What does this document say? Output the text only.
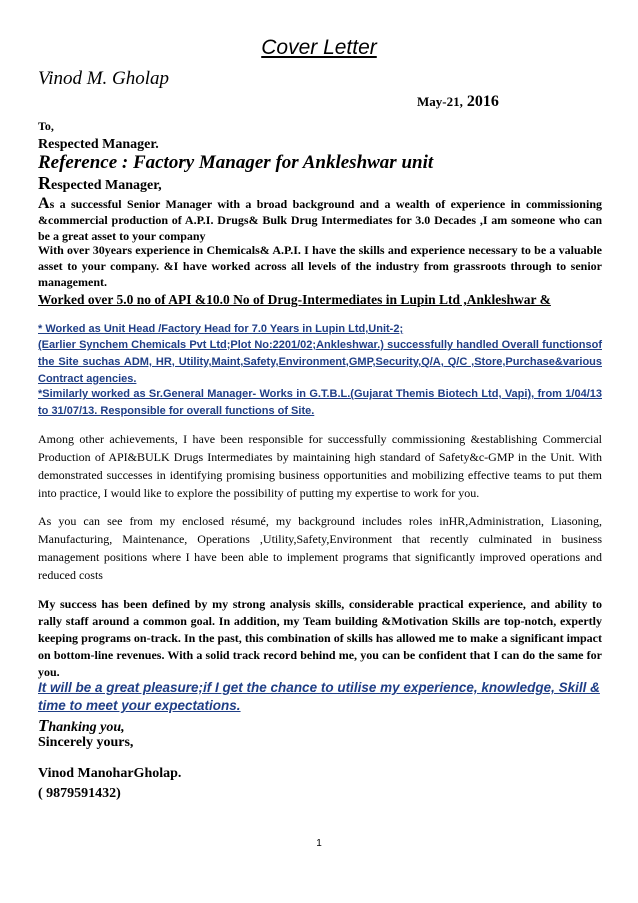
Cover Letter
Vinod M. Gholap
May-21, 2016
To,
Respected Manager.
Reference : Factory Manager for Ankleshwar unit
Respected Manager,
As a successful Senior Manager with a broad background and a wealth of experience in commissioning &commercial production of A.P.I. Drugs& Bulk Drug Intermediates for 3.0 Decades ,I am someone who can be a great asset to your company
With over 30years experience in Chemicals& A.P.I. I have the skills and experience necessary to be a valuable asset to your company. &I have worked across all levels of the industry from grassroots through to senior management.
Worked over 5.0 no of API &10.0 No of Drug-Intermediates in Lupin Ltd ,Ankleshwar &
* Worked as Unit Head /Factory Head for 7.0 Years in Lupin Ltd,Unit-2;
(Earlier Synchem Chemicals Pvt Ltd;Plot No:2201/02;Ankleshwar.) successfully handled Overall functionsof the Site suchas ADM, HR, Utility,Maint,Safety,Environment,GMP,Security,Q/A, Q/C ,Store,Purchase&various Contract agencies.
*Similarly worked as Sr.General Manager- Works in G.T.B.L.(Gujarat Themis Biotech Ltd, Vapi), from 1/04/13 to 31/07/13. Responsible for overall functions of Site.
Among other achievements, I have been responsible for successfully commissioning &establishing Commercial Production of API&BULK Drugs Intermediates by maintaining high standard of Safety&c-GMP in the Unit. With demonstrated successes in identifying promising business opportunities and mobilizing effective teams to put them into practice, I would like to explore the possibility of putting my expertise to work for you.
As you can see from my enclosed résumé, my background includes roles inHR,Administration, Liasoning, Manufacturing, Maintenance, Operations ,Utility,Safety,Environment that recently culminated in business management positions where I have been able to implement programs that significantly improved operations and reduced costs
My success has been defined by my strong analysis skills, considerable practical experience, and ability to rally staff around a common goal. In addition, my Team building &Motivation Skills are top-notch, expertly keeping programs on-track. In the past, this combination of skills has allowed me to make a significant impact on bottom-line revenues. With a solid track record behind me, you can be confident that I can do the same for you.
It will be a great pleasure;if I get the chance to utilise my experience, knowledge, Skill & time to meet your expectations.
Thanking you,
Sincerely yours,
Vinod ManoharGholap.
( 9879591432)
1
